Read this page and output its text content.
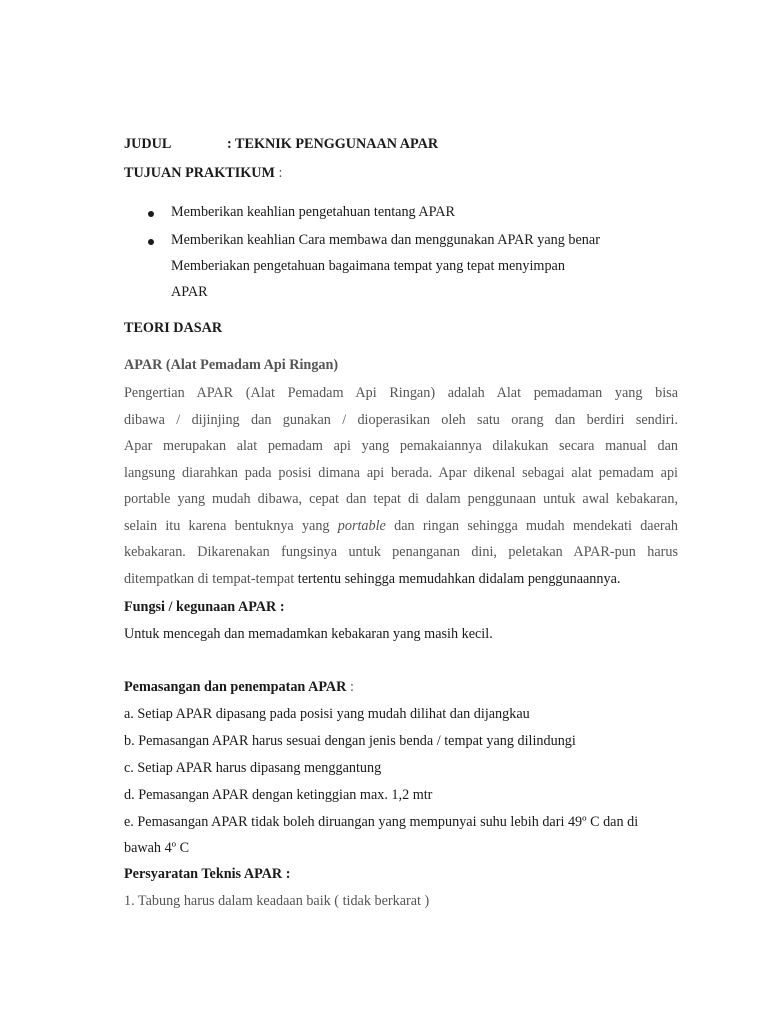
JUDUL	: TEKNIK PENGGUNAAN APAR
TUJUAN PRAKTIKUM :
Memberikan keahlian pengetahuan tentang APAR
Memberikan keahlian Cara membawa dan menggunakan APAR yang benar
Memberiakan pengetahuan bagaimana tempat yang tepat menyimpan
APAR
TEORI DASAR
APAR (Alat Pemadam Api Ringan)
Pengertian APAR (Alat Pemadam Api Ringan) adalah Alat pemadaman yang bisa
dibawa / dijinjing dan gunakan / dioperasikan oleh satu orang dan berdiri sendiri.
Apar merupakan alat pemadam api yang pemakaiannya dilakukan secara manual dan
langsung diarahkan pada posisi dimana api berada. Apar dikenal sebagai alat pemadam api
portable yang mudah dibawa, cepat dan tepat di dalam penggunaan untuk awal kebakaran,
selain itu karena bentuknya yang portable dan ringan sehingga mudah mendekati daerah
kebakaran. Dikarenakan fungsinya untuk penanganan dini, peletakan APAR-pun harus
ditempatkan di tempat-tempat tertentu sehingga memudahkan didalam penggunaannya.
Fungsi / kegunaan APAR :
Untuk mencegah dan memadamkan kebakaran yang masih kecil.
Pemasangan dan penempatan APAR :
a. Setiap APAR dipasang pada posisi yang mudah dilihat dan dijangkau
b. Pemasangan APAR harus sesuai dengan jenis benda / tempat yang dilindungi
c. Setiap APAR harus dipasang menggantung
d. Pemasangan APAR dengan ketinggian max. 1,2 mtr
e. Pemasangan APAR tidak boleh diruangan yang mempunyai suhu lebih dari 49º C dan di
bawah 4º C
Persyaratan Teknis APAR :
1. Tabung harus dalam keadaan baik ( tidak berkarat )
